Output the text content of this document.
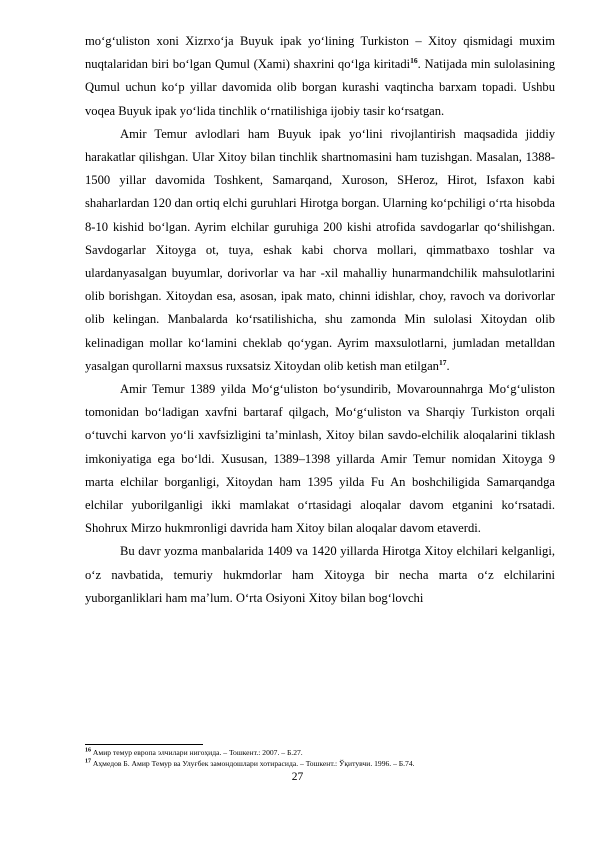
mo‘g‘uliston xoni Xizrxo‘ja Buyuk ipak yo‘lining Turkiston – Xitoy qismidagi muxim nuqtalaridan biri bo‘lgan Qumul (Xami) shaxrini qo‘lga kiritadi$^{16}$. Natijada min sulolasining Qumul uchun ko‘p yillar davomida olib borgan kurashi vaqtincha barxam topadi. Ushbu voqea Buyuk ipak yo‘lida tinchlik o‘rnatilishiga ijobiy tasir ko‘rsatgan.

Amir Temur avlodlari ham Buyuk ipak yo‘lini rivojlantirish maqsadida jiddiy harakatlar qilishgan. Ular Xitoy bilan tinchlik shartnomasini ham tuzishgan. Masalan, 1388-1500 yillar davomida Toshkent, Samarqand, Xuroson, SHeroz, Hirot, Isfaxon kabi shaharlardan 120 dan ortiq elchi guruhlari Hirotga borgan. Ularning ko‘pchiligi o‘rta hisobda 8-10 kishid bo‘lgan. Ayrim elchilar guruhiga 200 kishi atrofida savdogarlar qo‘shilishgan. Savdogarlar Xitoyga ot, tuya, eshak kabi chorva mollari, qimmatbaxo toshlar va ulardanyasalgan buyumlar, dorivorlar va har -xil mahalliy hunarmandchilik mahsulotlarini olib borishgan. Xitoydan esa, asosan, ipak mato, chinni idishlar, choy, ravoch va dorivorlar olib kelingan. Manbalarda ko‘rsatilishicha, shu zamonda Min sulolasi Xitoydan olib kelinadigan mollar ko‘lamini cheklab qo‘ygan. Ayrim maxsulotlarni, jumladan metalldan yasalgan qurollarni maxsus ruxsatsiz Xitoydan olib ketish man etilgan$^{17}$.

Amir Temur 1389 yilda Mo‘g‘uliston bo‘ysundirib, Movarounnahrga Mo‘g‘uliston tomonidan bo‘ladigan xavfni bartaraf qilgach, Mo‘g‘uliston va Sharqiy Turkiston orqali o‘tuvchi karvon yo‘li xavfsizligini ta’minlash, Xitoy bilan savdo-elchilik aloqalarini tiklash imkoniyatiga ega bo‘ldi. Xususan, 1389–1398 yillarda Amir Temur nomidan Xitoyga 9 marta elchilar borganligi, Xitoydan ham 1395 yilda Fu An boshchiligida Samarqandga elchilar yuborilganligi ikki mamlakat o‘rtasidagi aloqalar davom etganini ko‘rsatadi. Shohrux Mirzo hukmronligi davrida ham Xitoy bilan aloqalar davom etaverdi.

Bu davr yozma manbalarida 1409 va 1420 yillarda Hirotga Xitoy elchilari kelganligi, o‘z navbatida, temuriy hukmdorlar ham Xitoyga bir necha marta o‘z elchilarini yuborganliklari ham ma’lum. O‘rta Osiyoni Xitoy bilan bog‘lovchi

$^{16}$ Амир темур европа элчилари нигоҳида. – Тошкент.: 2007. – Б.27.
$^{17}$ Аҳмедов Б. Амир Темур ва Улуғбек замондошлари хотирасида. – Тошкент.: Ўқитувчи. 1996. – Б.74.
27
